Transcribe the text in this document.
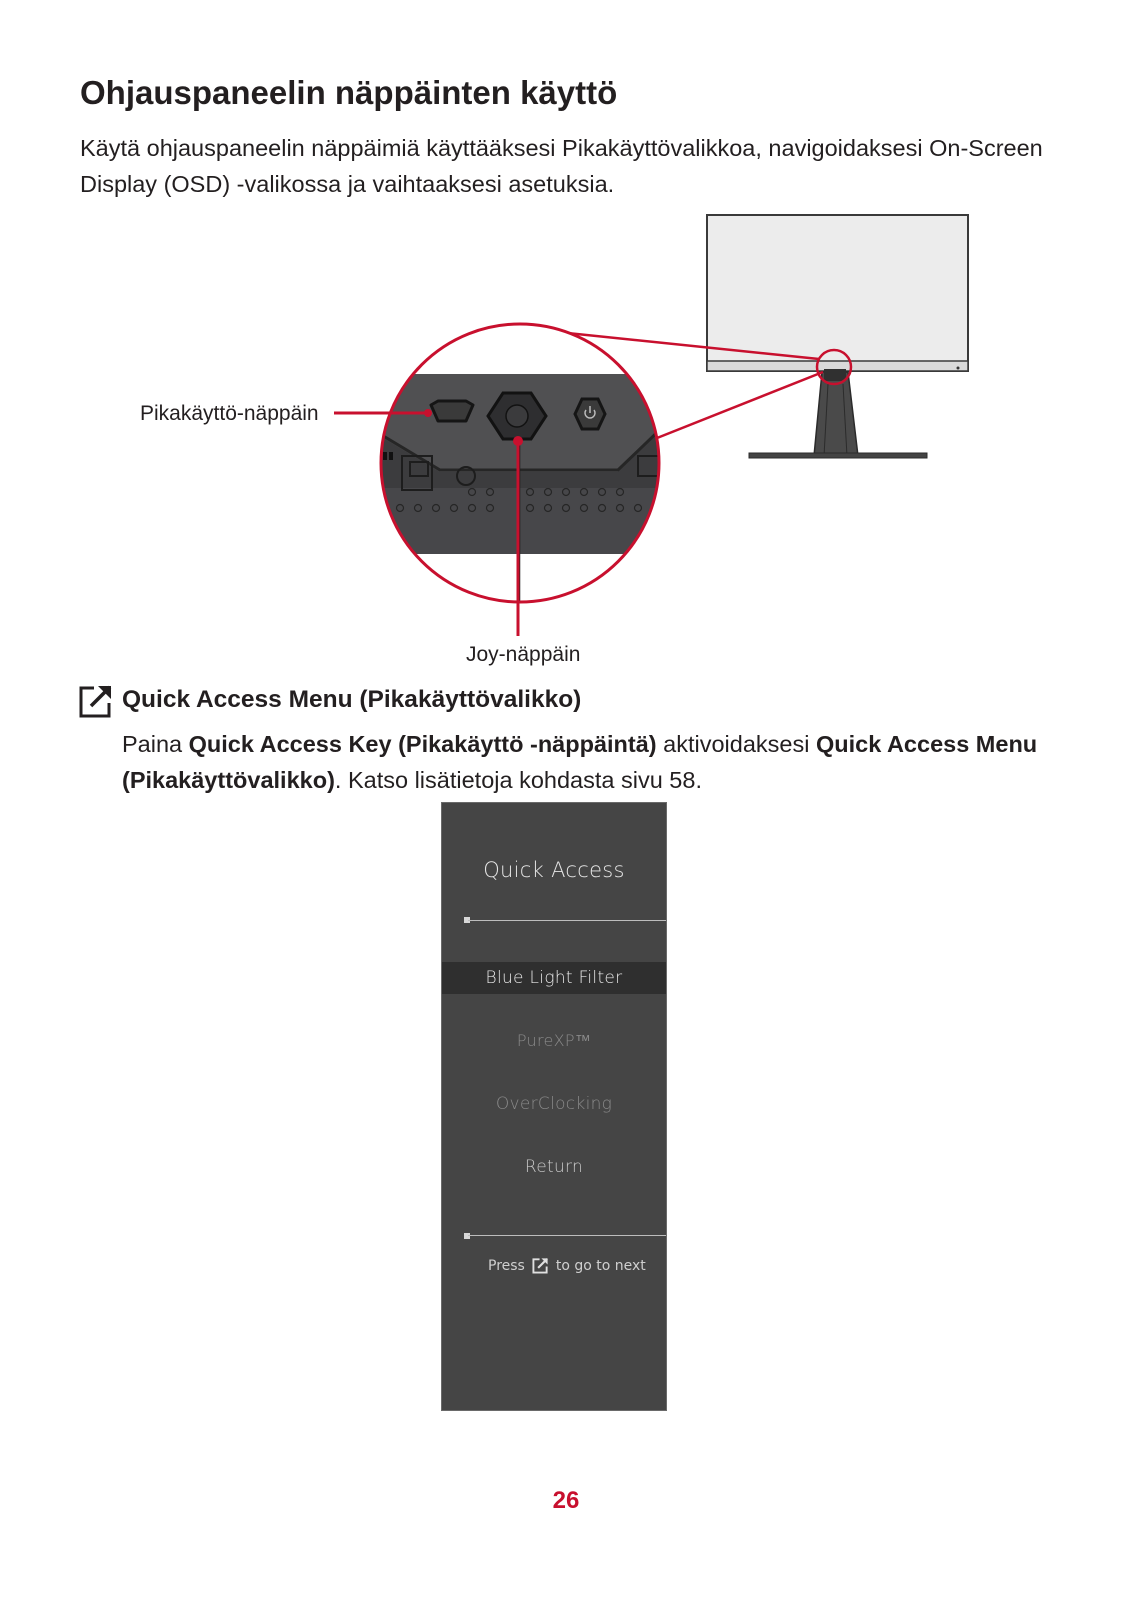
Ohjauspaneelin näppäinten käyttö

Käytä ohjauspaneelin näppäimiä käyttääksesi Pikakäyttövalikkoa, navigoidaksesi On-Screen Display (OSD) -valikossa ja vaihtaaksesi asetuksia.

Pikakäyttö-näppäin
Joy-näppäin
Quick Access Menu (Pikakäyttövalikko)

Paina Quick Access Key (Pikakäyttö -näppäintä) aktivoidaksesi Quick Access Menu (Pikakäyttövalikko). Katso lisätietoja kohdasta sivu 58.

Quick Access
Blue Light Filter
PureXP™
OverClocking
Return
Press to go to next
26
